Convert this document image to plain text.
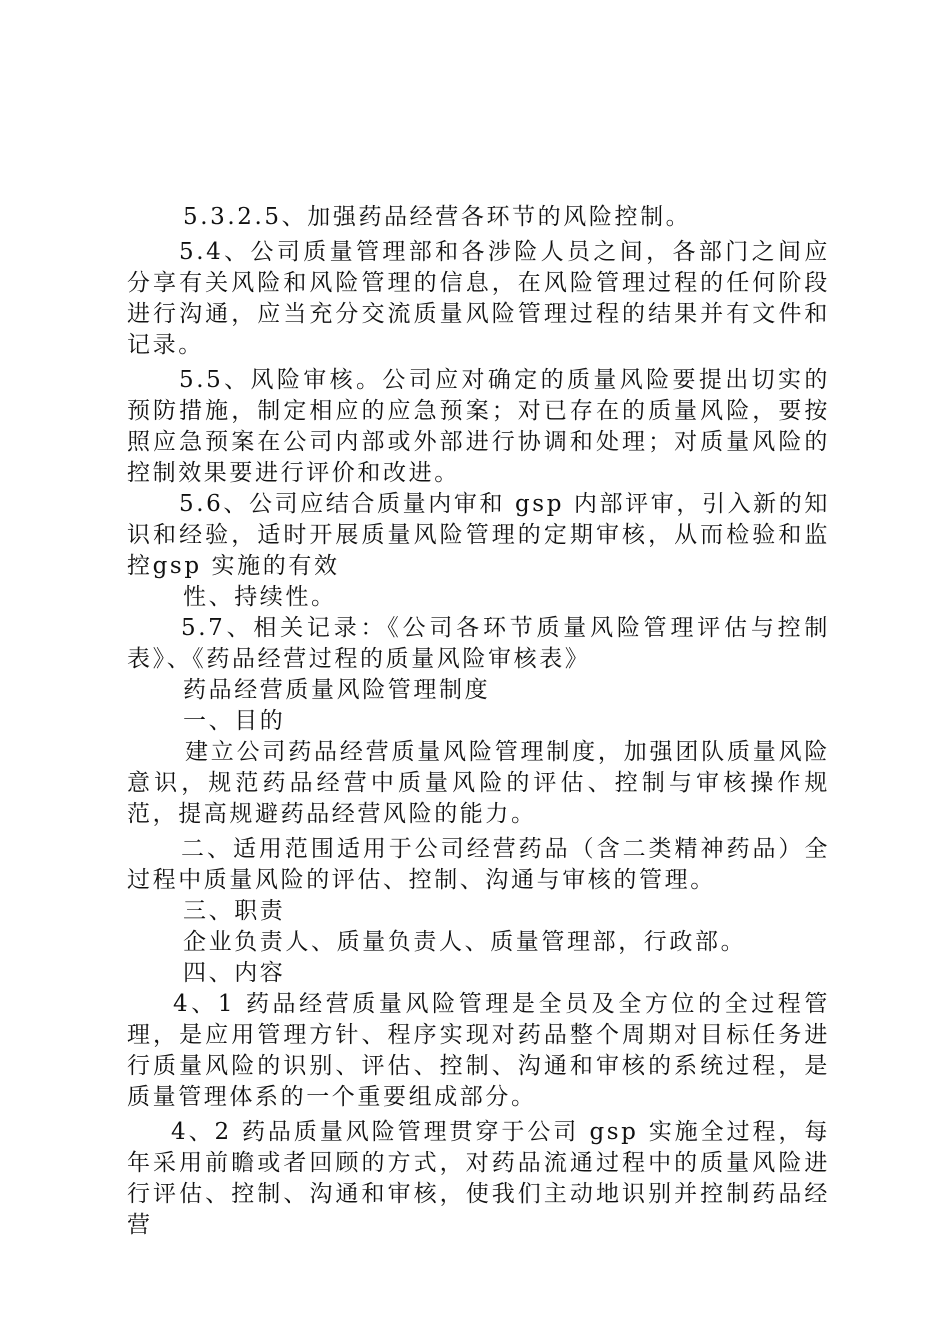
5.3.2.5、加强药品经营各环节的风险控制。

5.4、公司质量管理部和各涉险人员之间，各部门之间应分享有关风险和风险管理的信息，在风险管理过程的任何阶段进行沟通，应当充分交流质量风险管理过程的结果并有文件和记录。

5.5、风险审核。公司应对确定的质量风险要提出切实的预防措施，制定相应的应急预案；对已存在的质量风险，要按照应急预案在公司内部或外部进行协调和处理；对质量风险的控制效果要进行评价和改进。

5.6、公司应结合质量内审和 gsp 内部评审，引入新的知识和经验，适时开展质量风险管理的定期审核，从而检验和监控gsp 实施的有效

性、持续性。

5.7、相关记录：《公司各环节质量风险管理评估与控制表》、《药品经营过程的质量风险审核表》

药品经营质量风险管理制度

一、目的

建立公司药品经营质量风险管理制度，加强团队质量风险意识，规范药品经营中质量风险的评估、控制与审核操作规范，提高规避药品经营风险的能力。

二、适用范围适用于公司经营药品（含二类精神药品）全过程中质量风险的评估、控制、沟通与审核的管理。

三、职责

企业负责人、质量负责人、质量管理部，行政部。

四、内容

4、1 药品经营质量风险管理是全员及全方位的全过程管理，是应用管理方针、程序实现对药品整个周期对目标任务进行质量风险的识别、评估、控制、沟通和审核的系统过程，是质量管理体系的一个重要组成部分。

4、2 药品质量风险管理贯穿于公司 gsp 实施全过程，每年采用前瞻或者回顾的方式，对药品流通过程中的质量风险进行评估、控制、沟通和审核，使我们主动地识别并控制药品经营
